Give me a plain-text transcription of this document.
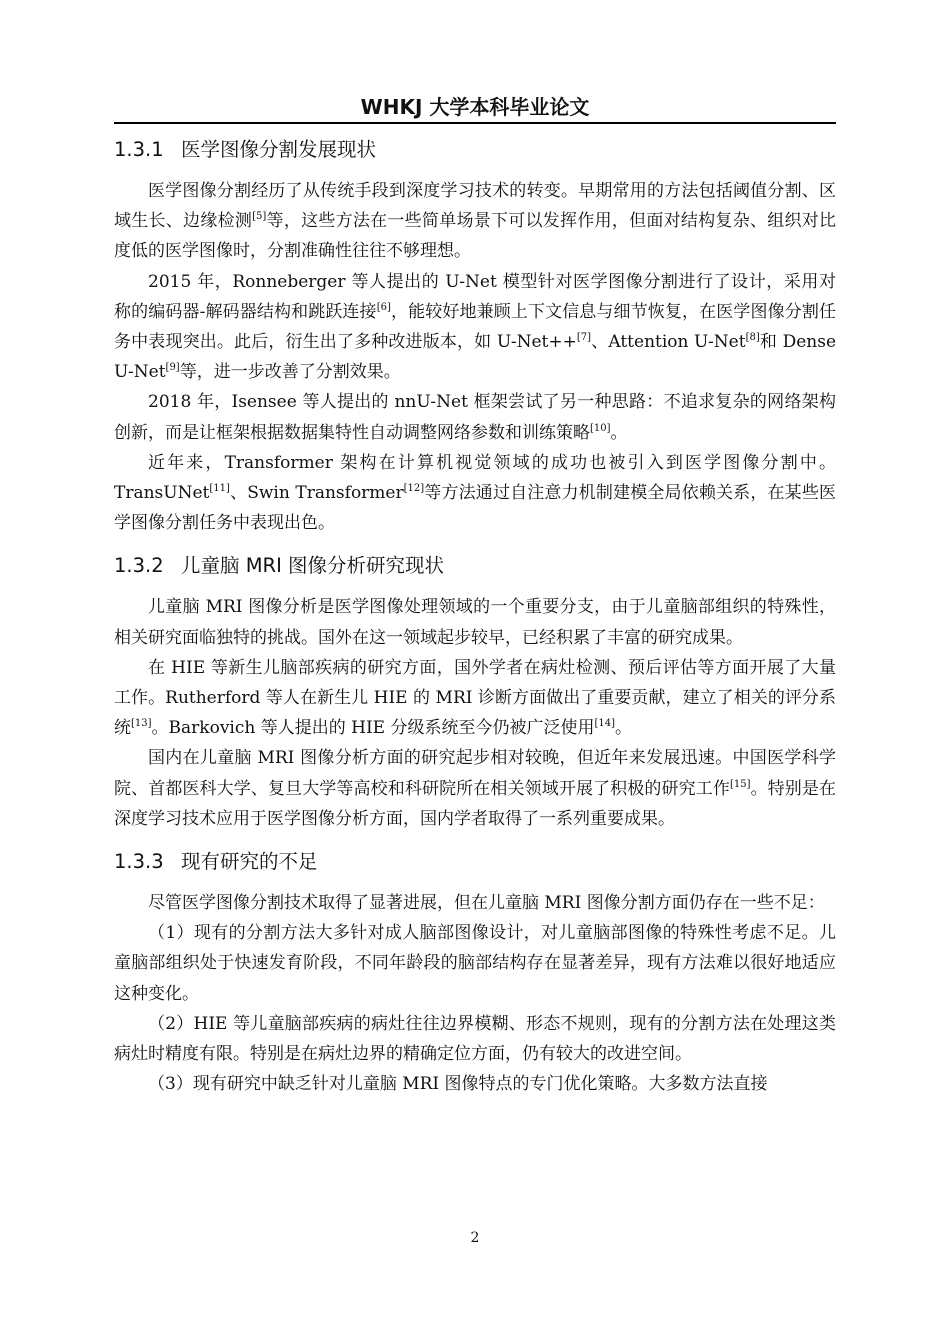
WHKJ 大学本科毕业论文
1.3.1 医学图像分割发展现状

医学图像分割经历了从传统手段到深度学习技术的转变。早期常用的方法包括阈值分割、区域生长、边缘检测[5]等，这些方法在一些简单场景下可以发挥作用，但面对结构复杂、组织对比度低的医学图像时，分割准确性往往不够理想。

2015 年，Ronneberger 等人提出的 U-Net 模型针对医学图像分割进行了设计，采用对称的编码器-解码器结构和跳跃连接[6]，能较好地兼顾上下文信息与细节恢复，在医学图像分割任务中表现突出。此后，衍生出了多种改进版本，如 U-Net++[7]、Attention U-Net[8]和 Dense U-Net[9]等，进一步改善了分割效果。

2018 年，Isensee 等人提出的 nnU-Net 框架尝试了另一种思路：不追求复杂的网络架构创新，而是让框架根据数据集特性自动调整网络参数和训练策略[10]。

近年来，Transformer 架构在计算机视觉领域的成功也被引入到医学图像分割中。TransUNet[11]、Swin Transformer[12]等方法通过自注意力机制建模全局依赖关系，在某些医学图像分割任务中表现出色。

1.3.2 儿童脑 MRI 图像分析研究现状

儿童脑 MRI 图像分析是医学图像处理领域的一个重要分支，由于儿童脑部组织的特殊性，相关研究面临独特的挑战。国外在这一领域起步较早，已经积累了丰富的研究成果。

在 HIE 等新生儿脑部疾病的研究方面，国外学者在病灶检测、预后评估等方面开展了大量工作。Rutherford 等人在新生儿 HIE 的 MRI 诊断方面做出了重要贡献，建立了相关的评分系统[13]。Barkovich 等人提出的 HIE 分级系统至今仍被广泛使用[14]。

国内在儿童脑 MRI 图像分析方面的研究起步相对较晚，但近年来发展迅速。中国医学科学院、首都医科大学、复旦大学等高校和科研院所在相关领域开展了积极的研究工作[15]。特别是在深度学习技术应用于医学图像分析方面，国内学者取得了一系列重要成果。

1.3.3 现有研究的不足

尽管医学图像分割技术取得了显著进展，但在儿童脑 MRI 图像分割方面仍存在一些不足：

（1）现有的分割方法大多针对成人脑部图像设计，对儿童脑部图像的特殊性考虑不足。儿童脑部组织处于快速发育阶段，不同年龄段的脑部结构存在显著差异，现有方法难以很好地适应这种变化。

（2）HIE 等儿童脑部疾病的病灶往往边界模糊、形态不规则，现有的分割方法在处理这类病灶时精度有限。特别是在病灶边界的精确定位方面，仍有较大的改进空间。

（3）现有研究中缺乏针对儿童脑 MRI 图像特点的专门优化策略。大多数方法直接

2
